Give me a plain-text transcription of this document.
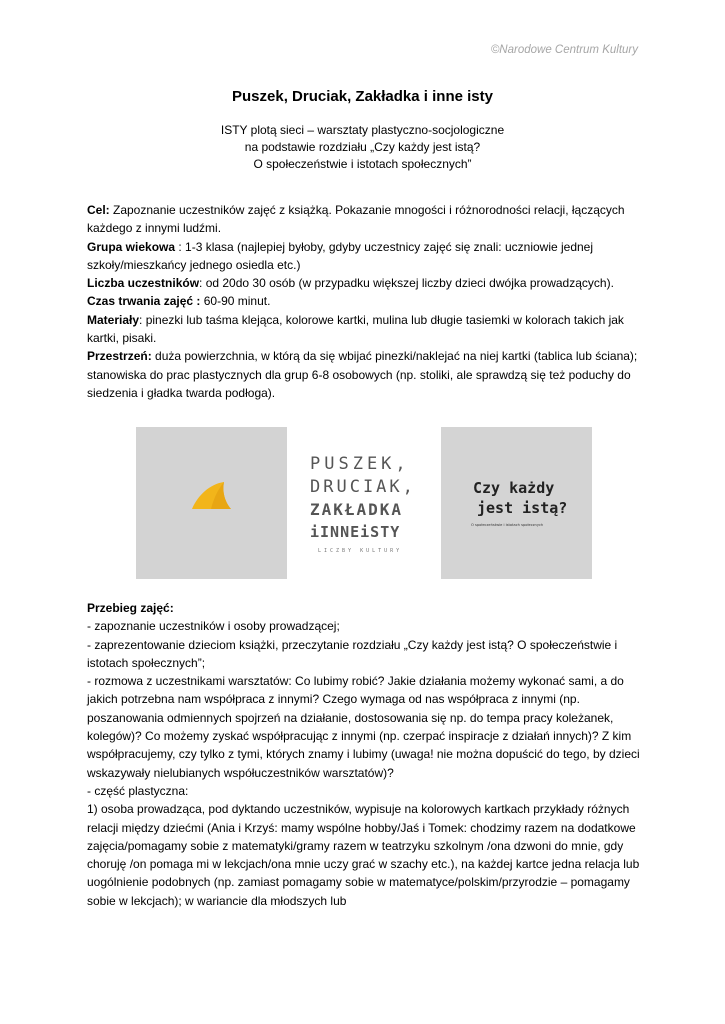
©Narodowe Centrum Kultury
Puszek, Druciak, Zakładka i inne isty
ISTY plotą sieci – warsztaty plastyczno-socjologiczne
na podstawie rozdziału „Czy każdy jest istą?
O społeczeństwie i istotach społecznych”

Cel: Zapoznanie uczestników zajęć z książką. Pokazanie mnogości i różnorodności relacji, łączących każdego z innymi ludźmi.

Grupa wiekowa : 1-3 klasa (najlepiej byłoby, gdyby uczestnicy zajęć się znali: uczniowie jednej szkoły/mieszkańcy jednego osiedla etc.)

Liczba uczestników: od 20do 30 osób (w przypadku większej liczby dzieci dwójka prowadzących).

Czas trwania zajęć : 60-90 minut.

Materiały: pinezki lub taśma klejąca, kolorowe kartki, mulina lub długie tasiemki w kolorach takich jak kartki, pisaki.

Przestrzeń: duża powierzchnia, w którą da się wbijać pinezki/naklejać na niej kartki (tablica lub ściana); stanowiska do prac plastycznych dla grup 6-8 osobowych (np. stoliki, ale sprawdzą się też poduchy do siedzenia i gładka twarda podłoga).

PUSZEK,
DRUCIAK,
ZAKŁADKA
iINNEiSTY
LICZBY KULTURY
Czy każdy
jest istą?
O społeczeństwie i istotach społecznych

Przebieg zajęć:

- zapoznanie uczestników i osoby prowadzącej;

- zaprezentowanie dzieciom książki, przeczytanie rozdziału „Czy każdy jest istą? O społeczeństwie i istotach społecznych”;

- rozmowa z uczestnikami warsztatów: Co lubimy robić? Jakie działania możemy wykonać sami, a do jakich potrzebna nam współpraca z innymi? Czego wymaga od nas współpraca z innymi (np. poszanowania odmiennych spojrzeń na działanie, dostosowania się np. do tempa pracy koleżanek, kolegów)? Co możemy zyskać współpracując z innymi (np. czerpać inspiracje z działań innych)? Z kim współpracujemy, czy tylko z tymi, których znamy i lubimy (uwaga! nie można dopuścić do tego, by dzieci wskazywały nielubianych współuczestników warsztatów)?

- część plastyczna:

1) osoba prowadząca, pod dyktando uczestników, wypisuje na kolorowych kartkach przykłady różnych relacji między dziećmi (Ania i Krzyś: mamy wspólne hobby/Jaś i Tomek: chodzimy razem na dodatkowe zajęcia/pomagamy sobie z matematyki/gramy razem w teatrzyku szkolnym /ona dzwoni do mnie, gdy choruję /on pomaga mi w lekcjach/ona mnie uczy grać w szachy etc.), na każdej kartce jedna relacja lub uogólnienie podobnych (np. zamiast pomagamy sobie w matematyce/polskim/przyrodzie – pomagamy sobie w lekcjach); w wariancie dla młodszych lub
